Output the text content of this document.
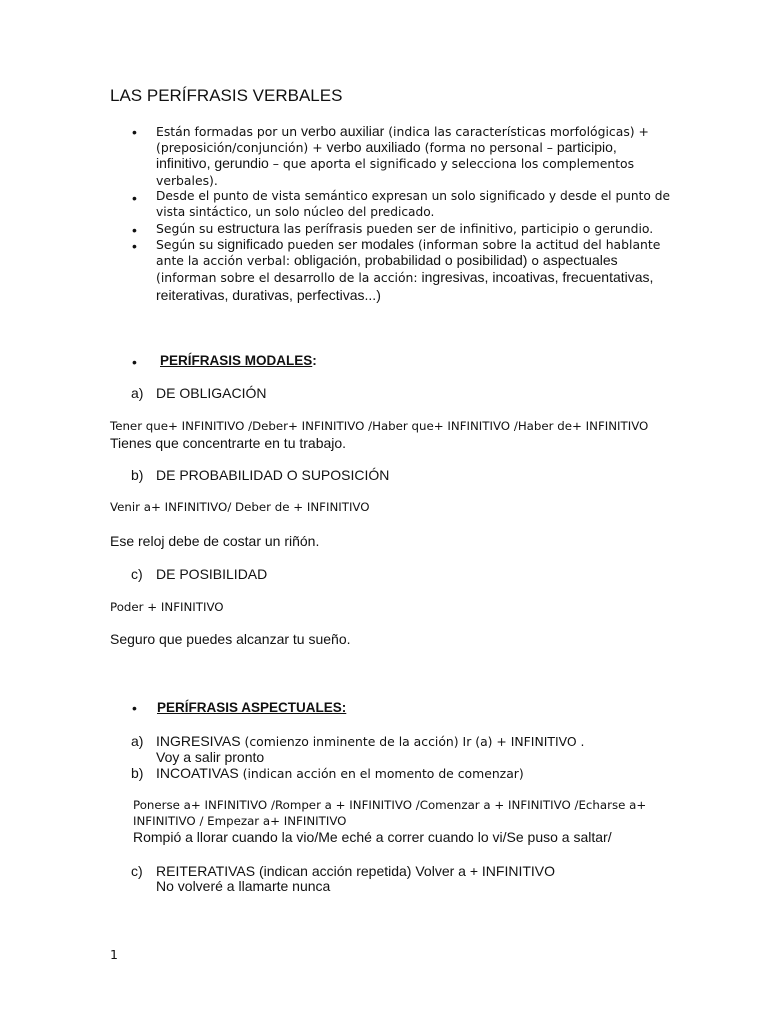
LAS PERÍFRASIS VERBALES
• Están formadas por un verbo auxiliar (indica las características morfológicas) +
(preposición/conjunción) + verbo auxiliado (forma no personal – participio,
infinitivo, gerundio – que aporta el significado y selecciona los complementos
verbales).
• Desde el punto de vista semántico expresan un solo significado y desde el punto de
vista sintáctico, un solo núcleo del predicado.
• Según su estructura las perífrasis pueden ser de infinitivo, participio o gerundio.
• Según su significado pueden ser modales (informan sobre la actitud del hablante
ante la acción verbal: obligación, probabilidad o posibilidad) o aspectuales
(informan sobre el desarrollo de la acción: ingresivas, incoativas, frecuentativas,
reiterativas, durativas, perfectivas...)
• PERÍFRASIS MODALES:
a) DE OBLIGACIÓN
Tener que+ INFINITIVO /Deber+ INFINITIVO /Haber que+ INFINITIVO /Haber de+ INFINITIVO
Tienes que concentrarte en tu trabajo.
b) DE PROBABILIDAD O SUPOSICIÓN
Venir a+ INFINITIVO/ Deber de + INFINITIVO
Ese reloj debe de costar un riñón.
c) DE POSIBILIDAD
Poder + INFINITIVO
Seguro que puedes alcanzar tu sueño.
• PERÍFRASIS ASPECTUALES:
a) INGRESIVAS (comienzo inminente de la acción) Ir (a) + INFINITIVO .
Voy a salir pronto
b) INCOATIVAS (indican acción en el momento de comenzar)
Ponerse a+ INFINITIVO /Romper a + INFINITIVO /Comenzar a + INFINITIVO /Echarse a+
INFINITIVO / Empezar a+ INFINITIVO
Rompió a llorar cuando la vio/Me eché a correr cuando lo vi/Se puso a saltar/
c) REITERATIVAS (indican acción repetida) Volver a + INFINITIVO
No volveré a llamarte nunca
1
